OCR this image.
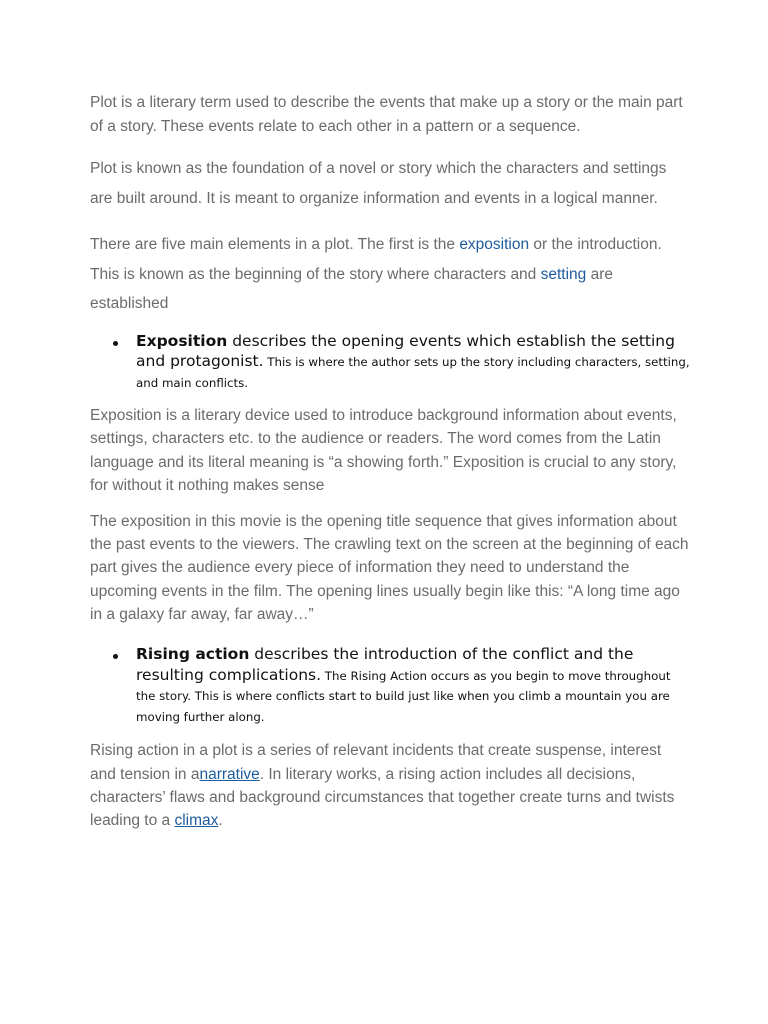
Plot is a literary term used to describe the events that make up a story or the main part of a story. These events relate to each other in a pattern or a sequence.

Plot is known as the foundation of a novel or story which the characters and settings are built around. It is meant to organize information and events in a logical manner.

There are five main elements in a plot. The first is the exposition or the introduction. This is known as the beginning of the story where characters and setting are established

Exposition describes the opening events which establish the setting and protagonist. This is where the author sets up the story including characters, setting, and main conflicts.

Exposition is a literary device used to introduce background information about events, settings, characters etc. to the audience or readers. The word comes from the Latin language and its literal meaning is “a showing forth.” Exposition is crucial to any story, for without it nothing makes sense

The exposition in this movie is the opening title sequence that gives information about the past events to the viewers. The crawling text on the screen at the beginning of each part gives the audience every piece of information they need to understand the upcoming events in the film. The opening lines usually begin like this: “A long time ago in a galaxy far away, far away…”

Rising action describes the introduction of the conflict and the resulting complications. The Rising Action occurs as you begin to move throughout the story. This is where conflicts start to build just like when you climb a mountain you are moving further along.

Rising action in a plot is a series of relevant incidents that create suspense, interest and tension in anarrative. In literary works, a rising action includes all decisions, characters’ flaws and background circumstances that together create turns and twists leading to a climax.
